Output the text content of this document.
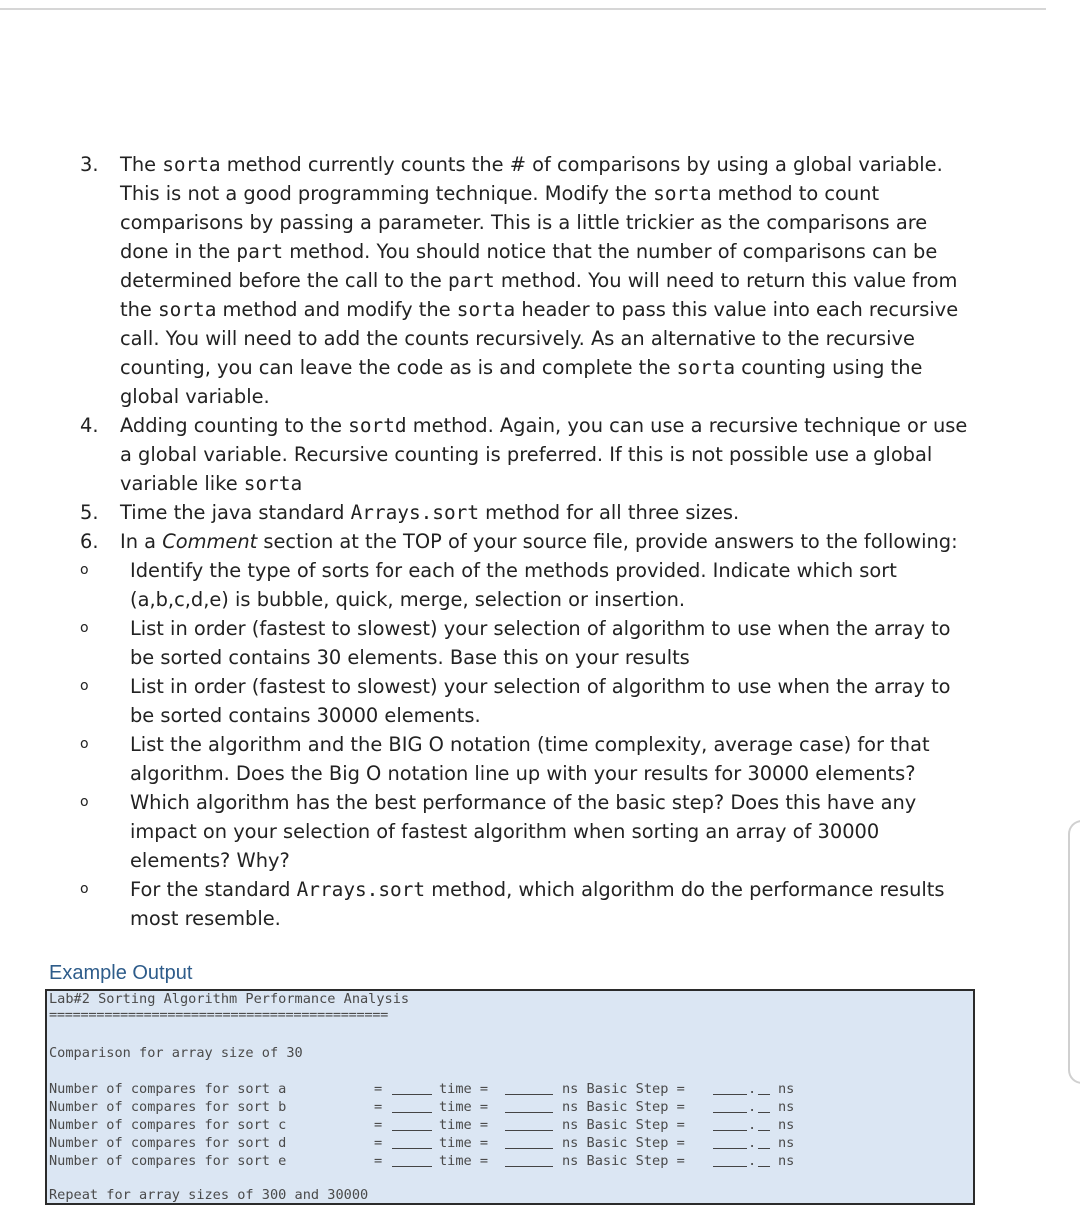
3.	The sorta method currently counts the # of comparisons by using a global variable. This is not a good programming technique. Modify the sorta method to count comparisons by passing a parameter. This is a little trickier as the comparisons are done in the part method. You should notice that the number of comparisons can be determined before the call to the part method. You will need to return this value from the sorta method and modify the sorta header to pass this value into each recursive call. You will need to add the counts recursively. As an alternative to the recursive counting, you can leave the code as is and complete the sorta counting using the global variable.
4.	Adding counting to the sortd method. Again, you can use a recursive technique or use a global variable. Recursive counting is preferred. If this is not possible use a global variable like sorta
5.	Time the java standard Arrays.sort method for all three sizes.
6.	In a Comment section at the TOP of your source file, provide answers to the following:
o Identify the type of sorts for each of the methods provided. Indicate which sort (a,b,c,d,e) is bubble, quick, merge, selection or insertion.
o List in order (fastest to slowest) your selection of algorithm to use when the array to be sorted contains 30 elements. Base this on your results
o List in order (fastest to slowest) your selection of algorithm to use when the array to be sorted contains 30000 elements.
o List the algorithm and the BIG O notation (time complexity, average case) for that algorithm. Does the Big O notation line up with your results for 30000 elements?
o Which algorithm has the best performance of the basic step? Does this have any impact on your selection of fastest algorithm when sorting an array of 30000 elements? Why?
o For the standard Arrays.sort method, which algorithm do the performance results most resemble.
Example Output
Lab#2 Sorting Algorithm Performance Analysis
===========================================
Comparison for array size of 30
Number of compares for sort a	=	time =	ns Basic Step =	. ns
Number of compares for sort b	=	time =	ns Basic Step =	. ns
Number of compares for sort c	=	time =	ns Basic Step =	. ns
Number of compares for sort d	=	time =	ns Basic Step =	. ns
Number of compares for sort e	=	time =	ns Basic Step =	. ns
Repeat for array sizes of 300 and 30000
